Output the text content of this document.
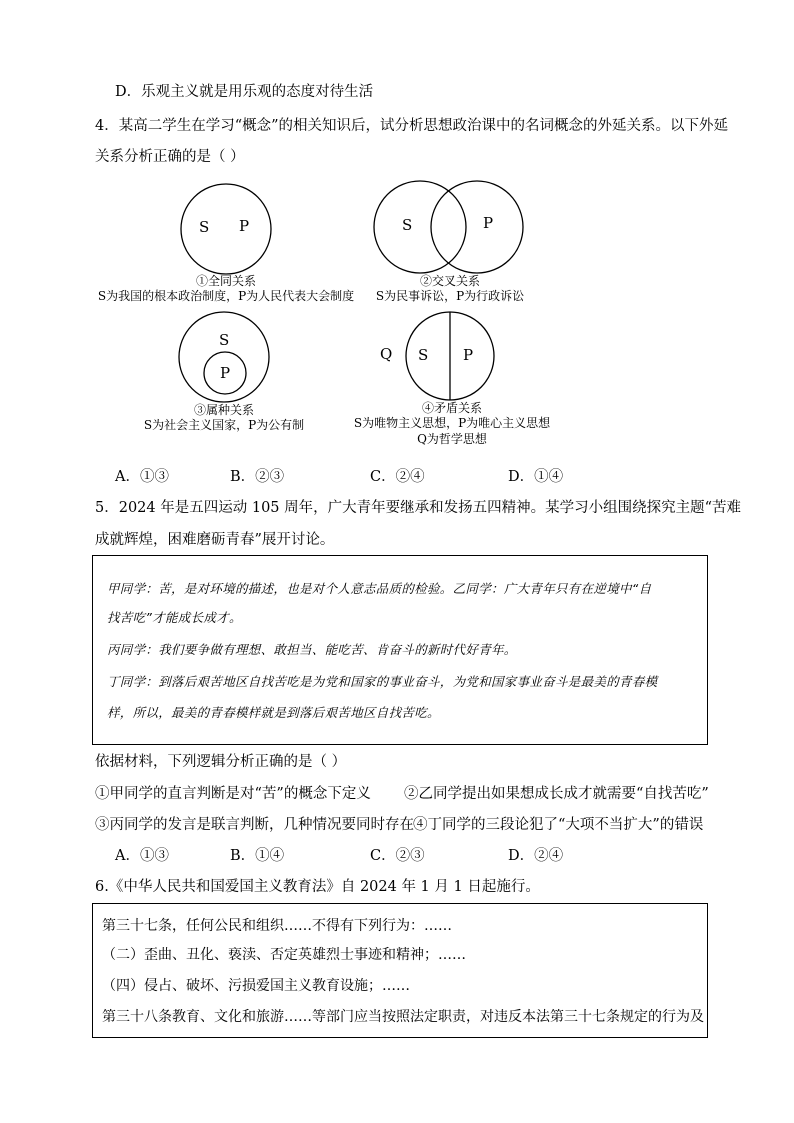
D．乐观主义就是用乐观的态度对待生活
4．某高二学生在学习“概念”的相关知识后，试分析思想政治课中的名词概念的外延关系。以下外延
关系分析正确的是（ ）
S P
①全同关系
S为我国的根本政治制度，P为人民代表大会制度
S	P
②交叉关系
S为民事诉讼，P为行政诉讼
S
P
③属种关系
S为社会主义国家，P为公有制
Q S P
④矛盾关系
S为唯物主义思想，P为唯心主义思想
Q为哲学思想
A．①③	B．②③	C．②④	D．①④
5．2024 年是五四运动 105 周年，广大青年要继承和发扬五四精神。某学习小组围绕探究主题“苦难
成就辉煌，困难磨砺青春”展开讨论。
甲同学：苦，是对环境的描述，也是对个人意志品质的检验。乙同学：广大青年只有在逆境中“自
找苦吃”才能成长成才。
丙同学：我们要争做有理想、敢担当、能吃苦、肯奋斗的新时代好青年。
丁同学：到落后艰苦地区自找苦吃是为党和国家的事业奋斗，为党和国家事业奋斗是最美的青春模
样，所以，最美的青春模样就是到落后艰苦地区自找苦吃。
依据材料，下列逻辑分析正确的是（ ）
①甲同学的直言判断是对“苦”的概念下定义 ②乙同学提出如果想成长成才就需要“自找苦吃”
③丙同学的发言是联言判断，几种情况要同时存在 ④丁同学的三段论犯了“大项不当扩大”的错误
A．①③	B．①④	C．②③	D．②④
6.《中华人民共和国爱国主义教育法》自 2024 年 1 月 1 日起施行。
第三十七条，任何公民和组织……不得有下列行为：……
（二）歪曲、丑化、亵渎、否定英雄烈士事迹和精神；……
（四）侵占、破坏、污损爱国主义教育设施；……
第三十八条教育、文化和旅游……等部门应当按照法定职责，对违反本法第三十七条规定的行为及
